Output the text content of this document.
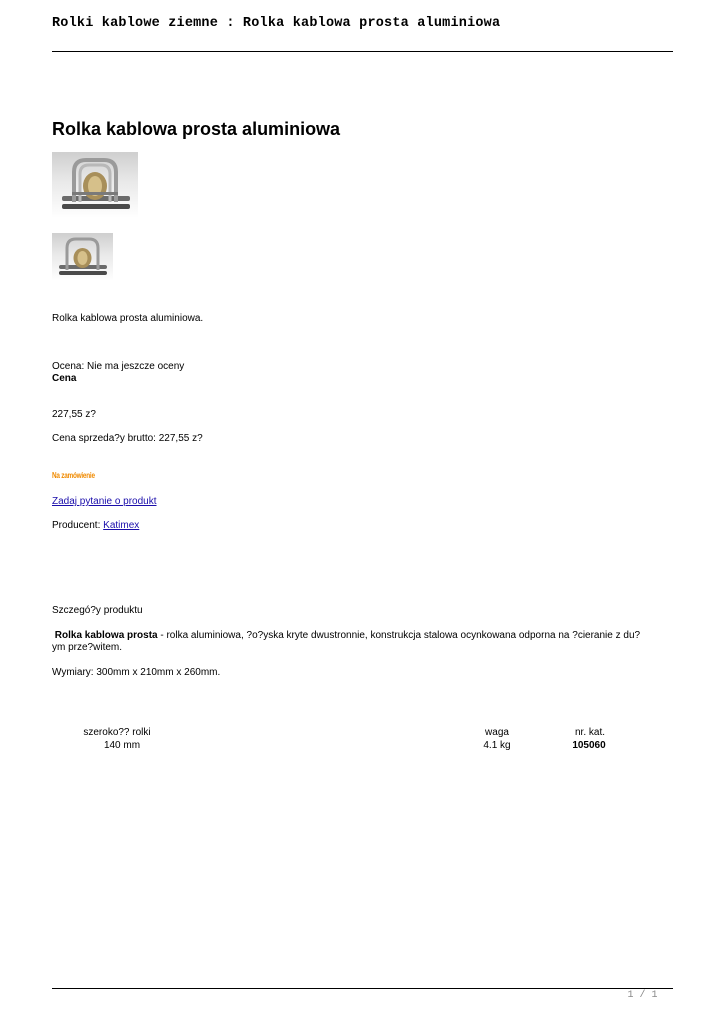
Rolki kablowe ziemne : Rolka kablowa prosta aluminiowa
Rolka kablowa prosta aluminiowa
Rolka kablowa prosta aluminiowa.
Ocena: Nie ma jeszcze oceny
Cena
227,55 z?
Cena sprzeda?y brutto: 227,55 z?
Na zamówienie
Zadaj pytanie o produkt
Producent: Katimex
Szczegó?y produktu
Rolka kablowa prosta - rolka aluminiowa, ?o?yska kryte dwustronnie, konstrukcja stalowa ocynkowana odporna na ?cieranie z du?ym prze?witem.
Wymiary: 300mm x 210mm x 260mm.
szeroko?? rolki	waga	nr. kat.
140 mm	4.1 kg	105060
1 / 1
